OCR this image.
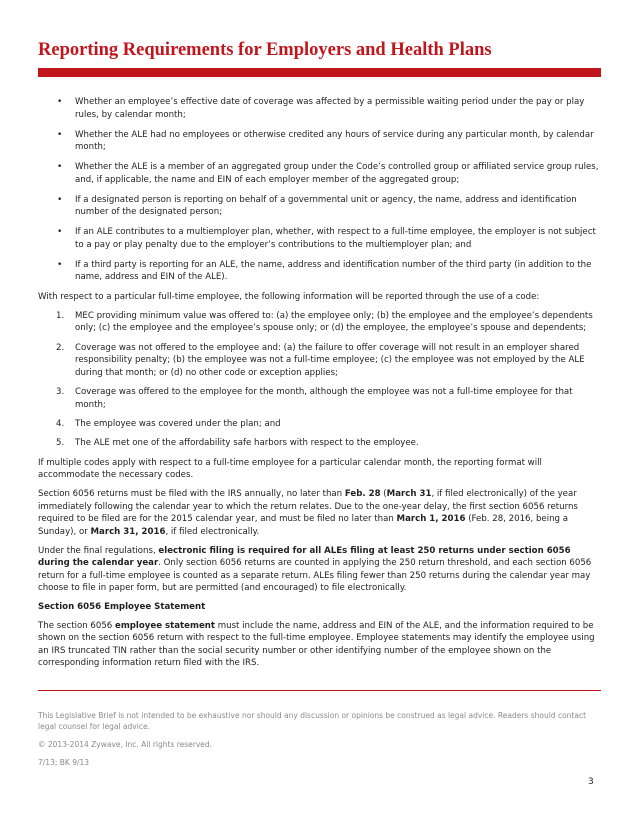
Reporting Requirements for Employers and Health Plans
• Whether an employee’s effective date of coverage was affected by a permissible waiting period under the pay or play rules, by calendar month;
• Whether the ALE had no employees or otherwise credited any hours of service during any particular month, by calendar month;
• Whether the ALE is a member of an aggregated group under the Code’s controlled group or affiliated service group rules, and, if applicable, the name and EIN of each employer member of the aggregated group;
• If a designated person is reporting on behalf of a governmental unit or agency, the name, address and identification number of the designated person;
• If an ALE contributes to a multiemployer plan, whether, with respect to a full-time employee, the employer is not subject to a pay or play penalty due to the employer’s contributions to the multiemployer plan; and
• If a third party is reporting for an ALE, the name, address and identification number of the third party (in addition to the name, address and EIN of the ALE).

With respect to a particular full-time employee, the following information will be reported through the use of a code:

1. MEC providing minimum value was offered to: (a) the employee only; (b) the employee and the employee’s dependents only; (c) the employee and the employee’s spouse only; or (d) the employee, the employee’s spouse and dependents;
2. Coverage was not offered to the employee and: (a) the failure to offer coverage will not result in an employer shared responsibility penalty; (b) the employee was not a full-time employee; (c) the employee was not employed by the ALE during that month; or (d) no other code or exception applies;
3. Coverage was offered to the employee for the month, although the employee was not a full-time employee for that month;
4. The employee was covered under the plan; and
5. The ALE met one of the affordability safe harbors with respect to the employee.

If multiple codes apply with respect to a full-time employee for a particular calendar month, the reporting format will accommodate the necessary codes.

Section 6056 returns must be filed with the IRS annually, no later than Feb. 28 (March 31, if filed electronically) of the year immediately following the calendar year to which the return relates. Due to the one-year delay, the first section 6056 returns required to be filed are for the 2015 calendar year, and must be filed no later than March 1, 2016 (Feb. 28, 2016, being a Sunday), or March 31, 2016, if filed electronically.

Under the final regulations, electronic filing is required for all ALEs filing at least 250 returns under section 6056 during the calendar year. Only section 6056 returns are counted in applying the 250 return threshold, and each section 6056 return for a full-time employee is counted as a separate return. ALEs filing fewer than 250 returns during the calendar year may choose to file in paper form, but are permitted (and encouraged) to file electronically.

Section 6056 Employee Statement

The section 6056 employee statement must include the name, address and EIN of the ALE, and the information required to be shown on the section 6056 return with respect to the full-time employee. Employee statements may identify the employee using an IRS truncated TIN rather than the social security number or other identifying number of the employee shown on the corresponding information return filed with the IRS.

This Legislative Brief is not intended to be exhaustive nor should any discussion or opinions be construed as legal advice. Readers should contact legal counsel for legal advice.

© 2013-2014 Zywave, Inc. All rights reserved.

7/13; BK 9/13

3
